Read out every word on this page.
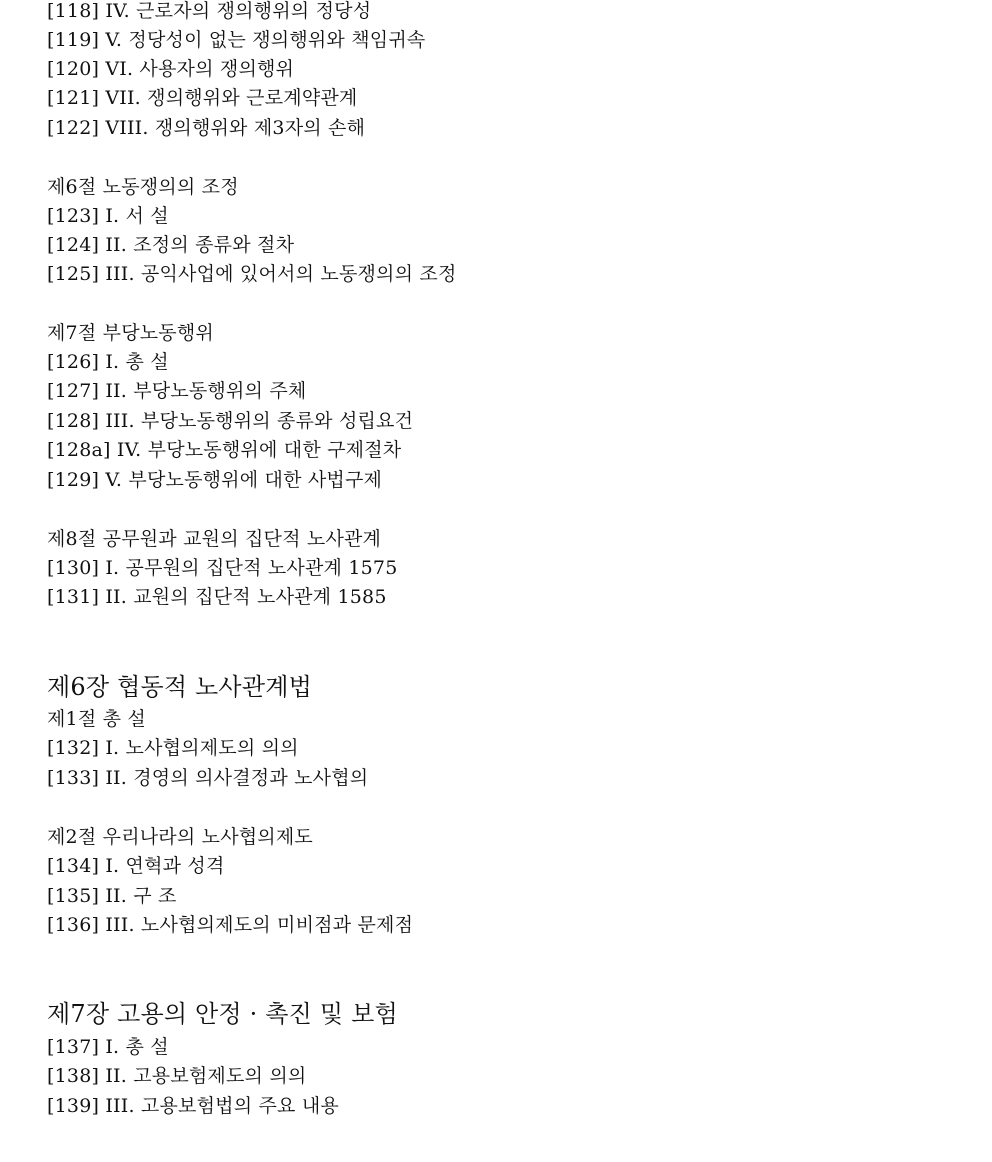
[118] IV. 근로자의 쟁의행위의 정당성
[119] V. 정당성이 없는 쟁의행위와 책임귀속
[120] VI. 사용자의 쟁의행위
[121] VII. 쟁의행위와 근로계약관계
[122] VIII. 쟁의행위와 제3자의 손해
제6절 노동쟁의의 조정
[123] I. 서 설
[124] II. 조정의 종류와 절차
[125] III. 공익사업에 있어서의 노동쟁의의 조정
제7절 부당노동행위
[126] I. 총 설
[127] II. 부당노동행위의 주체
[128] III. 부당노동행위의 종류와 성립요건
[128a] IV. 부당노동행위에 대한 구제절차
[129] V. 부당노동행위에 대한 사법구제
제8절 공무원과 교원의 집단적 노사관계
[130] I. 공무원의 집단적 노사관계 1575
[131] II. 교원의 집단적 노사관계 1585
제6장 협동적 노사관계법
제1절 총 설
[132] I. 노사협의제도의 의의
[133] II. 경영의 의사결정과 노사협의
제2절 우리나라의 노사협의제도
[134] I. 연혁과 성격
[135] II. 구 조
[136] III. 노사협의제도의 미비점과 문제점
제7장 고용의 안정 · 촉진 및 보험
[137] I. 총 설
[138] II. 고용보험제도의 의의
[139] III. 고용보험법의 주요 내용
